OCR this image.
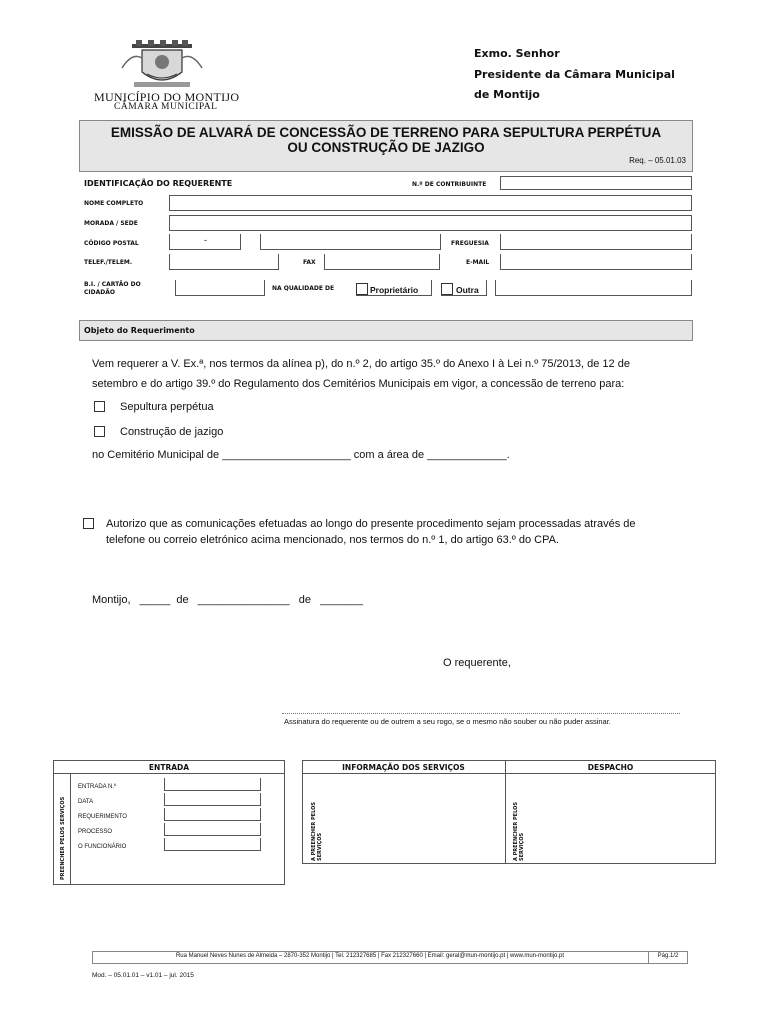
MUNICÍPIO DO MONTIJO
CÂMARA MUNICIPAL
Exmo. Senhor
Presidente da Câmara Municipal
de Montijo
EMISSÃO DE ALVARÁ DE CONCESSÃO DE TERRENO PARA SEPULTURA PERPÉTUA
OU CONSTRUÇÃO DE JAZIGO
Req. – 05.01.03
IDENTIFICAÇÃO DO REQUERENTE	N.º DE CONTRIBUINTE
NOME COMPLETO
MORADA / SEDE
CÓDIGO POSTAL	-	FREGUESIA
TELEF./TELEM.	FAX	E-MAIL
B.I. / CARTÃO DO
CIDADÃO
NA QUALIDADE DE	Proprietário	Outra
Objeto do Requerimento
Vem requerer a V. Ex.ª, nos termos da alínea p), do n.º 2, do artigo 35.º do Anexo I à Lei n.º 75/2013, de 12 de
setembro e do artigo 39.º do Regulamento dos Cemitérios Municipais em vigor, a concessão de terreno para:
Sepultura perpétua
Construção de jazigo
no Cemitério Municipal de _____________________ com a área de _____________.
Autorizo que as comunicações efetuadas ao longo do presente procedimento sejam processadas através de
telefone ou correio eletrónico acima mencionado, nos termos do n.º 1, do artigo 63.º do CPA.
Montijo,   _____  de   _______________   de   _______
O requerente,
Assinatura do requerente ou de outrem a seu rogo, se o mesmo não souber ou não puder assinar.
ENTRADA
PREENCHER PELOS SERVIÇOS
ENTRADA N.º
DATA
REQUERIMENTO
PROCESSO
O FUNCIONÁRIO
INFORMAÇÃO DOS SERVIÇOS	DESPACHO
A PREENCHER PELOS SERVIÇOS	A PREENCHER PELOS SERVIÇOS
Rua Manuel Neves Nunes de Almeida – 2870-352 Montijo | Tel. 212327685 | Fax 212327660 | Email: geral@mun-montijo.pt | www.mun-montijo.pt	Pág.1/2
Mod. – 05.01.01 – v1.01 – jul. 2015
